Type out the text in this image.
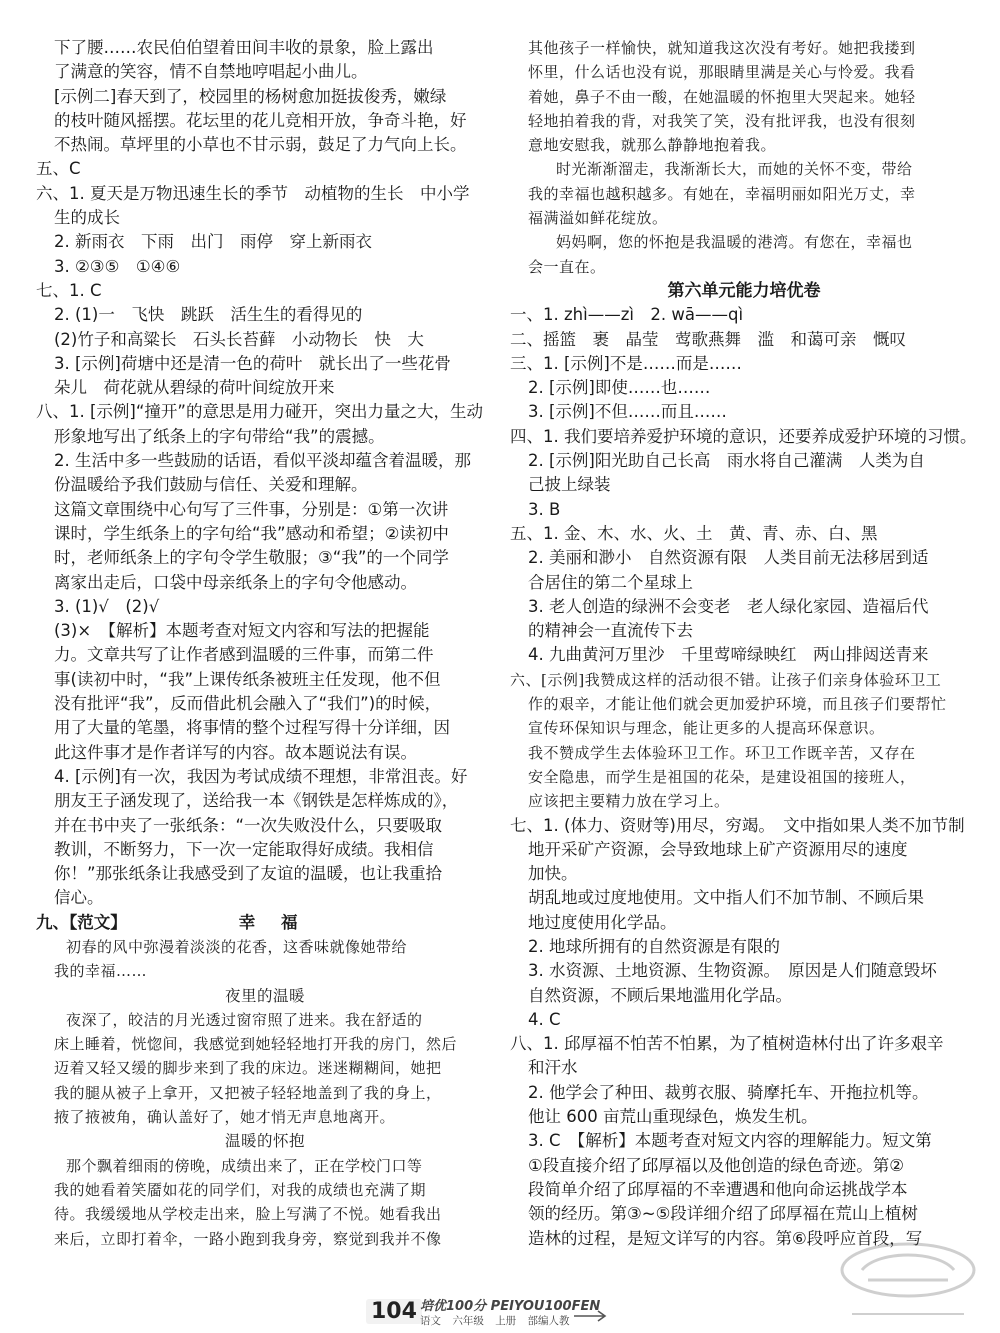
下了腰……农民伯伯望着田间丰收的景象，脸上露出
了满意的笑容，情不自禁地哼唱起小曲儿。
[示例二]春天到了，校园里的杨树愈加挺拔俊秀，嫩绿
的枝叶随风摇摆。花坛里的花儿竞相开放，争奇斗艳，好
不热闹。草坪里的小草也不甘示弱，鼓足了力气向上长。
五、C
六、1. 夏天是万物迅速生长的季节　动植物的生长　中小学
生的成长
2. 新雨衣　下雨　出门　雨停　穿上新雨衣
3. ②③⑤　①④⑥
七、1. C
2. (1)一　飞快　跳跃　活生生的看得见的
(2)竹子和高粱长　石头长苔藓　小动物长　快　大
3. [示例]荷塘中还是清一色的荷叶　就长出了一些花骨
朵儿　荷花就从碧绿的荷叶间绽放开来
八、1. [示例]“撞开”的意思是用力碰开，突出力量之大，生动
形象地写出了纸条上的字句带给“我”的震撼。
2. 生活中多一些鼓励的话语，看似平淡却蕴含着温暖，那
份温暖给予我们鼓励与信任、关爱和理解。
这篇文章围绕中心句写了三件事，分别是：①第一次讲
课时，学生纸条上的字句给“我”感动和希望；②读初中
时，老师纸条上的字句令学生敬服；③“我”的一个同学
离家出走后，口袋中母亲纸条上的字句令他感动。
3. (1)√　(2)√
(3)×　【解析】本题考查对短文内容和写法的把握能
力。文章共写了让作者感到温暖的三件事，而第二件
事(读初中时，“我”上课传纸条被班主任发现，他不但
没有批评“我”，反而借此机会融入了“我们”)的时候，
用了大量的笔墨，将事情的整个过程写得十分详细，因
此这件事才是作者详写的内容。故本题说法有误。
4. [示例]有一次，我因为考试成绩不理想，非常沮丧。好
朋友王子涵发现了，送给我一本《钢铁是怎样炼成的》，
并在书中夹了一张纸条：“一次失败没什么，只要吸取
教训，不断努力，下一次一定能取得好成绩。我相信
你！”那张纸条让我感受到了友谊的温暖，也让我重拾
信心。
九、【范文】	幸 福
初春的风中弥漫着淡淡的花香，这香味就像她带给
我的幸福……
夜里的温暖
夜深了，皎洁的月光透过窗帘照了进来。我在舒适的
床上睡着，恍惚间，我感觉到她轻轻地打开我的房门，然后
迈着又轻又缓的脚步来到了我的床边。迷迷糊糊间，她把
我的腿从被子上拿开，又把被子轻轻地盖到了我的身上，
掖了掖被角，确认盖好了，她才悄无声息地离开。
温暖的怀抱
那个飘着细雨的傍晚，成绩出来了，正在学校门口等
我的她看着笑靥如花的同学们，对我的成绩也充满了期
待。我缓缓地从学校走出来，脸上写满了不悦。她看我出
来后，立即打着伞，一路小跑到我身旁，察觉到我并不像
其他孩子一样愉快，就知道我这次没有考好。她把我搂到
怀里，什么话也没有说，那眼睛里满是关心与怜爱。我看
着她，鼻子不由一酸，在她温暖的怀抱里大哭起来。她轻
轻地拍着我的背，对我笑了笑，没有批评我，也没有很刻
意地安慰我，就那么静静地抱着我。
时光渐渐溜走，我渐渐长大，而她的关怀不变，带给
我的幸福也越积越多。有她在，幸福明丽如阳光万丈，幸
福满溢如鲜花绽放。
妈妈啊，您的怀抱是我温暖的港湾。有您在，幸福也
会一直在。
第六单元能力培优卷
一、1. zhì——zì　2. wā——qì
二、摇篮　裹　晶莹　莺歌燕舞　滥　和蔼可亲　慨叹
三、1. [示例]不是……而是……
2. [示例]即使……也……
3. [示例]不但……而且……
四、1. 我们要培养爱护环境的意识，还要养成爱护环境的习惯。
2. [示例]阳光助自己长高　雨水将自己灌满　人类为自
己披上绿装
3. B
五、1. 金、木、水、火、土　黄、青、赤、白、黑
2. 美丽和渺小　自然资源有限　人类目前无法移居到适
合居住的第二个星球上
3. 老人创造的绿洲不会变老　老人绿化家园、造福后代
的精神会一直流传下去
4. 九曲黄河万里沙　千里莺啼绿映红　两山排闼送青来
六、[示例]我赞成这样的活动很不错。让孩子们亲身体验环卫工
作的艰辛，才能让他们就会更加爱护环境，而且孩子们要帮忙
宣传环保知识与理念，能让更多的人提高环保意识。
我不赞成学生去体验环卫工作。环卫工作既辛苦，又存在
安全隐患，而学生是祖国的花朵，是建设祖国的接班人，
应该把主要精力放在学习上。
七、1. (体力、资财等)用尽，穷竭。　文中指如果人类不加节制
地开采矿产资源，会导致地球上矿产资源用尽的速度
加快。
胡乱地或过度地使用。文中指人们不加节制、不顾后果
地过度使用化学品。
2. 地球所拥有的自然资源是有限的
3. 水资源、土地资源、生物资源。　原因是人们随意毁坏
自然资源，不顾后果地滥用化学品。
4. C
八、1. 邱厚福不怕苦不怕累，为了植树造林付出了许多艰辛
和汗水
2. 他学会了种田、裁剪衣服、骑摩托车、开拖拉机等。
他让 600 亩荒山重现绿色，焕发生机。
3. C　【解析】本题考查对短文内容的理解能力。短文第
①段直接介绍了邱厚福以及他创造的绿色奇迹。第②
段简单介绍了邱厚福的不幸遭遇和他向命运挑战学本
领的经历。第③~⑤段详细介绍了邱厚福在荒山上植树
造林的过程，是短文详写的内容。第⑥段呼应首段，写
104 培优100分 PEIYOU100FEN
语文 六年级 上册 部编人教
